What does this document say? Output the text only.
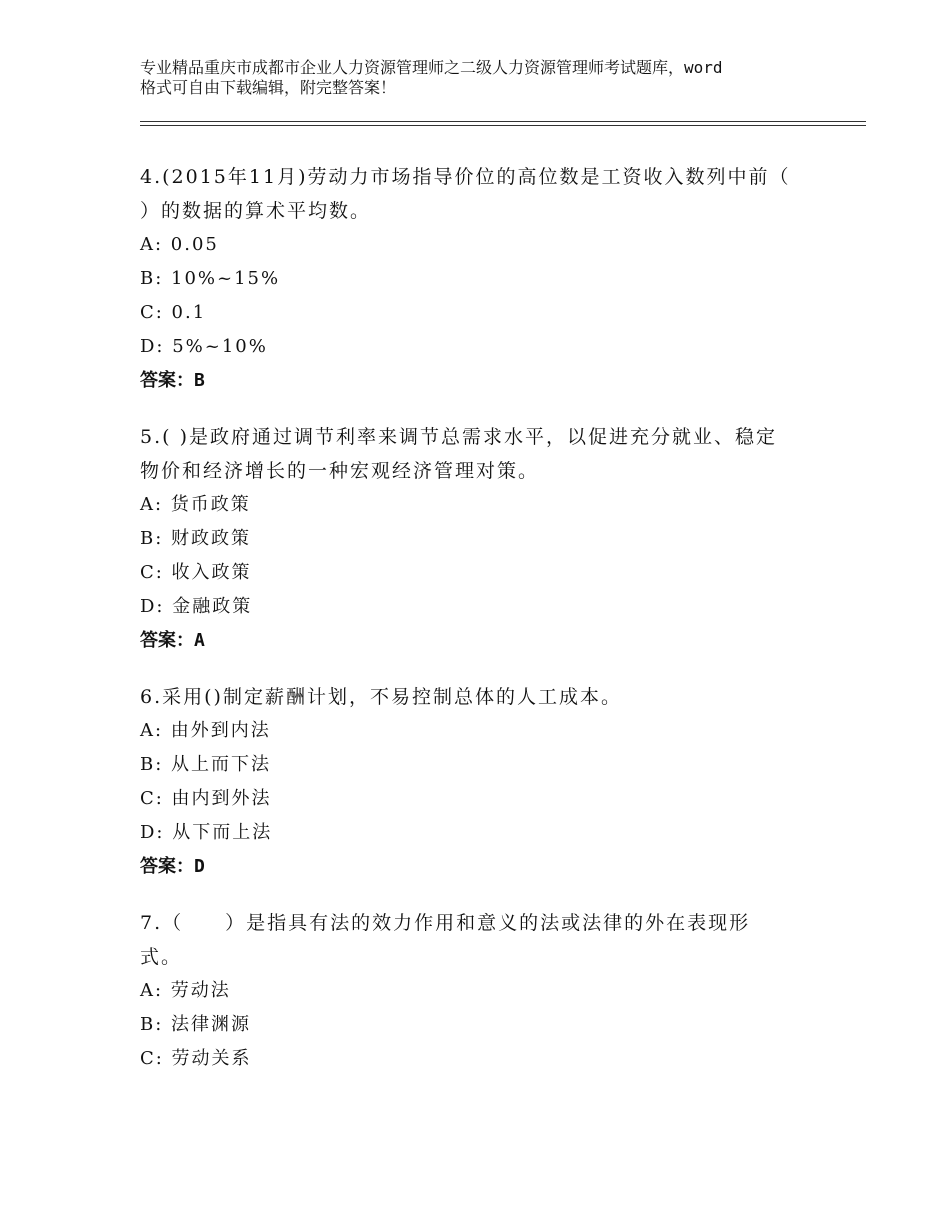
专业精品重庆市成都市企业人力资源管理师之二级人力资源管理师考试题库，word
格式可自由下载编辑，附完整答案！
4.(2015年11月)劳动力市场指导价位的高位数是工资收入数列中前（
）的数据的算术平均数。
A: 0.05
B: 10%~15%
C: 0.1
D: 5%~10%
答案：B
5.( )是政府通过调节利率来调节总需求水平，以促进充分就业、稳定
物价和经济增长的一种宏观经济管理对策。
A: 货币政策
B: 财政政策
C: 收入政策
D: 金融政策
答案：A
6.采用()制定薪酬计划，不易控制总体的人工成本。
A: 由外到内法
B: 从上而下法
C: 由内到外法
D: 从下而上法
答案：D
7.（　　）是指具有法的效力作用和意义的法或法律的外在表现形
式。
A: 劳动法
B: 法律渊源
C: 劳动关系
